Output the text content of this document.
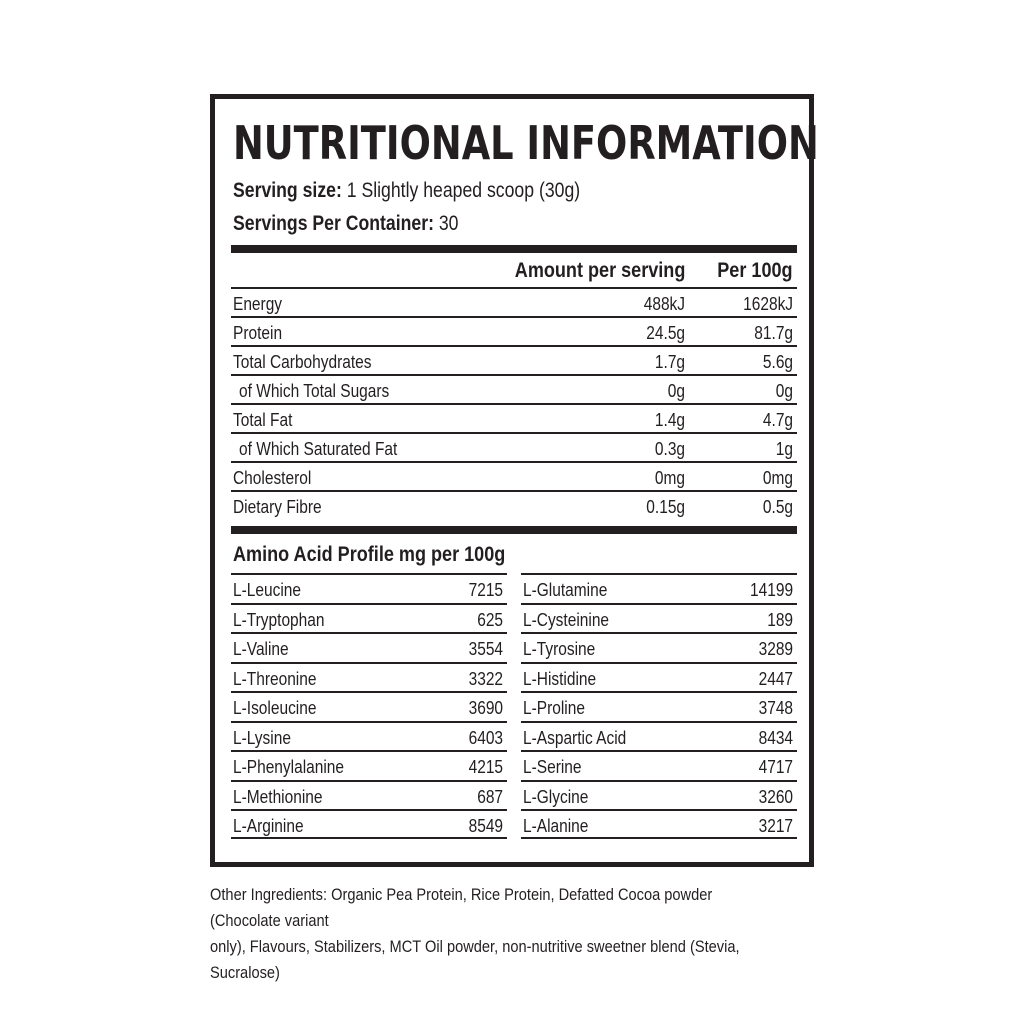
NUTRITIONAL INFORMATION
Serving size: 1 Slightly heaped scoop (30g)
Servings Per Container: 30
Amount per serving Per 100g
Energy	488kJ	1628kJ
Protein	24.5g	81.7g
Total Carbohydrates	1.7g	5.6g
of Which Total Sugars	0g	0g
Total Fat	1.4g	4.7g
of Which Saturated Fat	0.3g	1g
Cholesterol	0mg	0mg
Dietary Fibre	0.15g	0.5g
Amino Acid Profile mg per 100g
L-Leucine	7215
L-Tryptophan	625
L-Valine	3554
L-Threonine	3322
L-Isoleucine	3690
L-Lysine	6403
L-Phenylalanine	4215
L-Methionine	687
L-Arginine	8549
L-Glutamine	14199
L-Cysteinine	189
L-Tyrosine	3289
L-Histidine	2447
L-Proline	3748
L-Aspartic Acid	8434
L-Serine	4717
L-Glycine	3260
L-Alanine	3217
Other Ingredients: Organic Pea Protein, Rice Protein, Defatted Cocoa powder (Chocolate variant
only), Flavours, Stabilizers, MCT Oil powder, non-nutritive sweetner blend (Stevia, Sucralose)
